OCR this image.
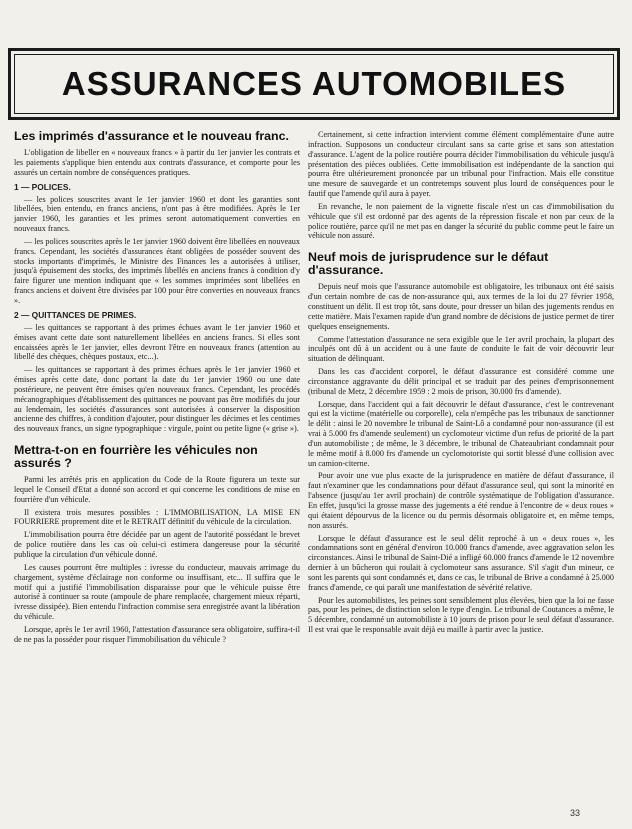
ASSURANCES AUTOMOBILES
Les imprimés d'assurance et le nouveau franc.

L'obligation de libeller en « nouveaux francs » à partir du 1er janvier les contrats et les paiements s'applique bien entendu aux contrats d'assurance, et comporte pour les assurés un certain nombre de conséquences pratiques.

1 — POLICES.

— les polices souscrites avant le 1er janvier 1960 et dont les garanties sont libellées, bien entendu, en francs anciens, n'ont pas à être modifiées. Après le 1er janvier 1960, les garanties et les primes seront automatiquement converties en nouveaux francs.

— les polices souscrites après le 1er janvier 1960 doivent être libellées en nouveaux francs. Cependant, les sociétés d'assurances étant obligées de posséder souvent des stocks importants d'imprimés, le Ministre des Finances les a autorisées à utiliser, jusqu'à épuisement des stocks, des imprimés libellés en anciens francs à condition d'y faire figurer une mention indiquant que « les sommes imprimées sont libellées en francs anciens et doivent être divisées par 100 pour être converties en nouveaux francs ».

2 — QUITTANCES DE PRIMES.

— les quittances se rapportant à des primes échues avant le 1er janvier 1960 et émises avant cette date sont naturellement libellées en anciens francs. Si elles sont encaissées après le 1er janvier, elles devront l'être en nouveaux francs (attention au libellé des chèques, chèques postaux, etc...).

— les quittances se rapportant à des primes échues après le 1er janvier 1960 et émises après cette date, donc portant la date du 1er janvier 1960 ou une date postérieure, ne peuvent être émises qu'en nouveaux francs. Cependant, les procédés mécanographiques d'établissement des quittances ne pouvant pas être modifiés du jour au lendemain, les sociétés d'assurances sont autorisées à conserver la disposition ancienne des chiffres, à condition d'ajouter, pour distinguer les décimes et les centimes des nouveaux francs, un signe typographique : virgule, point ou petite ligne (« grise »).

Mettra-t-on en fourrière les véhicules non assurés ?

Parmi les arrêtés pris en application du Code de la Route figurera un texte sur lequel le Conseil d'Etat a donné son accord et qui concerne les conditions de mise en fourrière d'un véhicule.

Il existera trois mesures possibles : L'IMMOBILISATION, LA MISE EN FOURRIERE proprement dite et le RETRAIT définitif du véhicule de la circulation.

L'immobilisation pourra être décidée par un agent de l'autorité possédant le brevet de police routière dans les cas où celui-ci estimera dangereuse pour la sécurité publique la circulation d'un véhicule donné.

Les causes pourront être multiples : ivresse du conducteur, mauvais arrimage du chargement, système d'éclairage non conforme ou insuffisant, etc... Il suffira que le motif qui a justifié l'immobilisation disparaisse pour que le véhicule puisse être autorisé à continuer sa route (ampoule de phare remplacée, chargement mieux réparti, ivresse dissipée). Bien entendu l'infraction commise sera enregistrée avant la libération du véhicule.

Lorsque, après le 1er avril 1960, l'attestation d'assurance sera obligatoire, suffira-t-il de ne pas la posséder pour risquer l'immobilisation du véhicule ?

Certainement, si cette infraction intervient comme élément complémentaire d'une autre infraction. Supposons un conducteur circulant sans sa carte grise et sans son attestation d'assurance. L'agent de la police routière pourra décider l'immobilisation du véhicule jusqu'à présentation des pièces oubliées. Cette immobilisation est indépendante de la sanction qui pourra être ultérieurement prononcée par un tribunal pour l'infraction. Mais elle constitue une mesure de sauvegarde et un contretemps souvent plus lourd de conséquences pour le fautif que l'amende qu'il aura à payer.

En revanche, le non paiement de la vignette fiscale n'est un cas d'immobilisation du véhicule que s'il est ordonné par des agents de la répression fiscale et non par ceux de la police routière, parce qu'il ne met pas en danger la sécurité du public comme peut le faire un véhicule non assuré.

Neuf mois de jurisprudence sur le défaut d'assurance.

Depuis neuf mois que l'assurance automobile est obligatoire, les tribunaux ont été saisis d'un certain nombre de cas de non-assurance qui, aux termes de la loi du 27 février 1958, constituent un délit. Il est trop tôt, sans doute, pour dresser un bilan des jugements rendus en cette matière. Mais l'examen rapide d'un grand nombre de décisions de justice permet de tirer quelques enseignements.

Comme l'attestation d'assurance ne sera exigible que le 1er avril prochain, la plupart des inculpés ont dû à un accident ou à une faute de conduite le fait de voir découvrir leur situation de délinquant.

Dans les cas d'accident corporel, le défaut d'assurance est considéré comme une circonstance aggravante du délit principal et se traduit par des peines d'emprisonnement (tribunal de Metz, 2 décembre 1959 : 2 mois de prison, 30.000 frs d'amende).

Lorsque, dans l'accident qui a fait découvrir le défaut d'assurance, c'est le contrevenant qui est la victime (matérielle ou corporelle), cela n'empêche pas les tribunaux de sanctionner le délit : ainsi le 20 novembre le tribunal de Saint-Lô a condamné pour non-assurance (il est vrai à 5.000 frs d'amende seulement) un cyclomoteur victime d'un refus de priorité de la part d'un automobiliste ; de même, le 3 décembre, le tribunal de Chateaubriant condamnait pour le même motif à 8.000 frs d'amende un cyclomotoriste qui sortit blessé d'une collision avec un camion-citerne.

Pour avoir une vue plus exacte de la jurisprudence en matière de défaut d'assurance, il faut n'examiner que les condamnations pour défaut d'assurance seul, qui sont la minorité en l'absence (jusqu'au 1er avril prochain) de contrôle systématique de l'obligation d'assurance. En effet, jusqu'ici la grosse masse des jugements a été rendue à l'encontre de « deux roues » qui étaient dépourvus de la licence ou du permis désormais obligatoire et, en même temps, non assurés.

Lorsque le défaut d'assurance est le seul délit reproché à un « deux roues », les condamnations sont en général d'environ 10.000 francs d'amende, avec aggravation selon les circonstances. Ainsi le tribunal de Saint-Dié a infligé 60.000 francs d'amende le 12 novembre dernier à un bûcheron qui roulait à cyclomoteur sans assurance. S'il s'agit d'un mineur, ce sont les parents qui sont condamnés et, dans ce cas, le tribunal de Brive a condamné à 25.000 francs d'amende, ce qui paraît une manifestation de sévérité relative.

Pour les automobilistes, les peines sont sensiblement plus élevées, bien que la loi ne fasse pas, pour les peines, de distinction selon le type d'engin. Le tribunal de Coutances a même, le 5 décembre, condamné un automobiliste à 10 jours de prison pour le seul défaut d'assurance. Il est vrai que le responsable avait déjà eu maille à partir avec la justice.

33
